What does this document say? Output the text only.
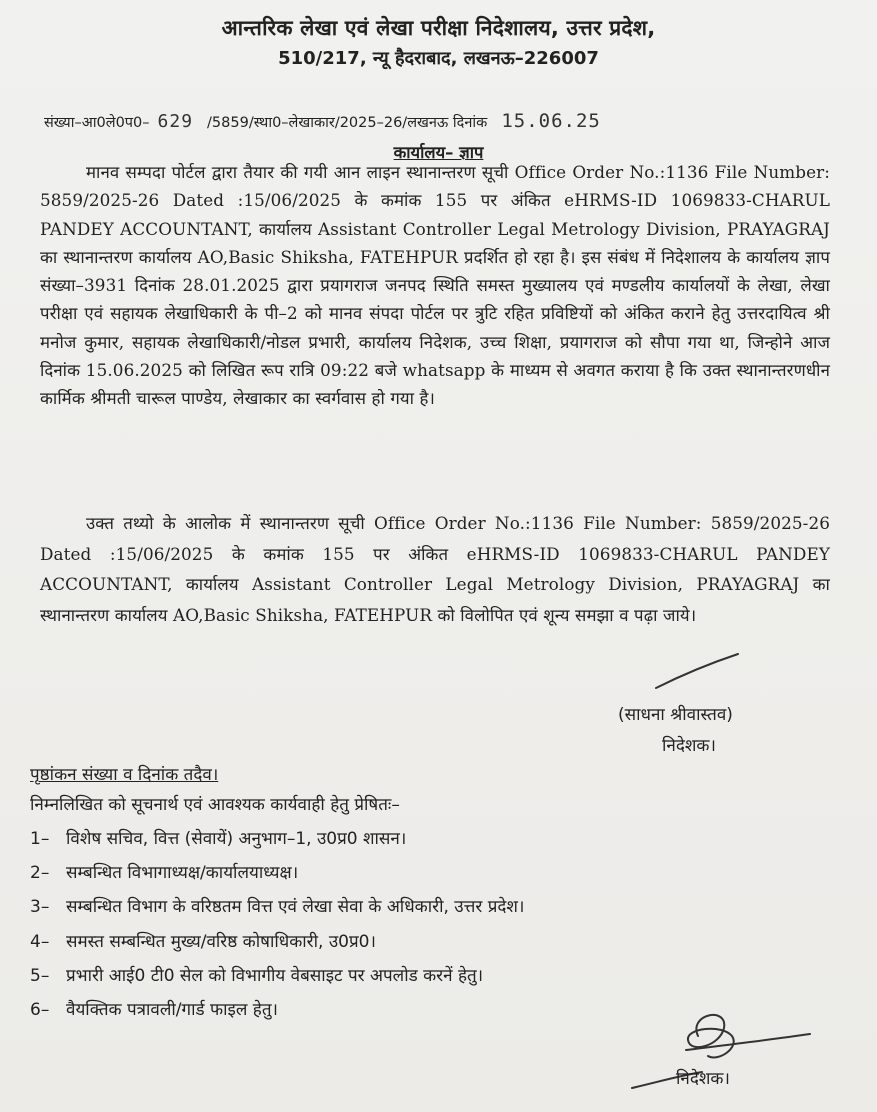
आन्तरिक लेखा एवं लेखा परीक्षा निदेशालय, उत्तर प्रदेश,
510/217, न्यू हैदराबाद, लखनऊ–226007
संख्या–आ0ले0प0– 629 /5859/स्था0–लेखाकार/2025–26/लखनऊ दिनांक 15.06.25
कार्यालय– ज्ञाप

मानव सम्पदा पोर्टल द्वारा तैयार की गयी आन लाइन स्थानान्तरण सूची Office Order No.:1136 File Number: 5859/2025-26 Dated :15/06/2025 के कमांक 155 पर अंकित eHRMS-ID 1069833-CHARUL PANDEY ACCOUNTANT, कार्यालय Assistant Controller Legal Metrology Division, PRAYAGRAJ का स्थानान्तरण कार्यालय AO,Basic Shiksha, FATEHPUR प्रदर्शित हो रहा है। इस संबंध में निदेशालय के कार्यालय ज्ञाप संख्या–3931 दिनांक 28.01.2025 द्वारा प्रयागराज जनपद स्थिति समस्त मुख्यालय एवं मण्डलीय कार्यालयों के लेखा, लेखा परीक्षा एवं सहायक लेखाधिकारी के पी–2 को मानव संपदा पोर्टल पर त्रुटि रहित प्रविष्टियों को अंकित कराने हेतु उत्तरदायित्व श्री मनोज कुमार, सहायक लेखाधिकारी/नोडल प्रभारी, कार्यालय निदेशक, उच्च शिक्षा, प्रयागराज को सौपा गया था, जिन्होने आज दिनांक 15.06.2025 को लिखित रूप रात्रि 09:22 बजे whatsapp के माध्यम से अवगत कराया है कि उक्त स्थानान्तरणधीन कार्मिक श्रीमती चारूल पाण्डेय, लेखाकार का स्वर्गवास हो गया है।

उक्त तथ्यो के आलोक में स्थानान्तरण सूची Office Order No.:1136 File Number: 5859/2025-26 Dated :15/06/2025 के कमांक 155 पर अंकित eHRMS-ID 1069833-CHARUL PANDEY ACCOUNTANT, कार्यालय Assistant Controller Legal Metrology Division, PRAYAGRAJ का स्थानान्तरण कार्यालय AO,Basic Shiksha, FATEHPUR को विलोपित एवं शून्य समझा व पढ़ा जाये।

(साधना श्रीवास्तव)
निदेशक।
पृष्ठांकन संख्या व दिनांक तदैव।
निम्नलिखित को सूचनार्थ एवं आवश्यक कार्यवाही हेतु प्रेषितः–
1– विशेष सचिव, वित्त (सेवायें) अनुभाग–1, उ0प्र0 शासन।
2– सम्बन्धित विभागाध्यक्ष/कार्यालयाध्यक्ष।
3– सम्बन्धित विभाग के वरिष्ठतम वित्त एवं लेखा सेवा के अधिकारी, उत्तर प्रदेश।
4– समस्त सम्बन्धित मुख्य/वरिष्ठ कोषाधिकारी, उ0प्र0।
5– प्रभारी आई0 टी0 सेल को विभागीय वेबसाइट पर अपलोड करनें हेतु।
6– वैयक्तिक पत्रावली/गार्ड फाइल हेतु।
निदेशक।
